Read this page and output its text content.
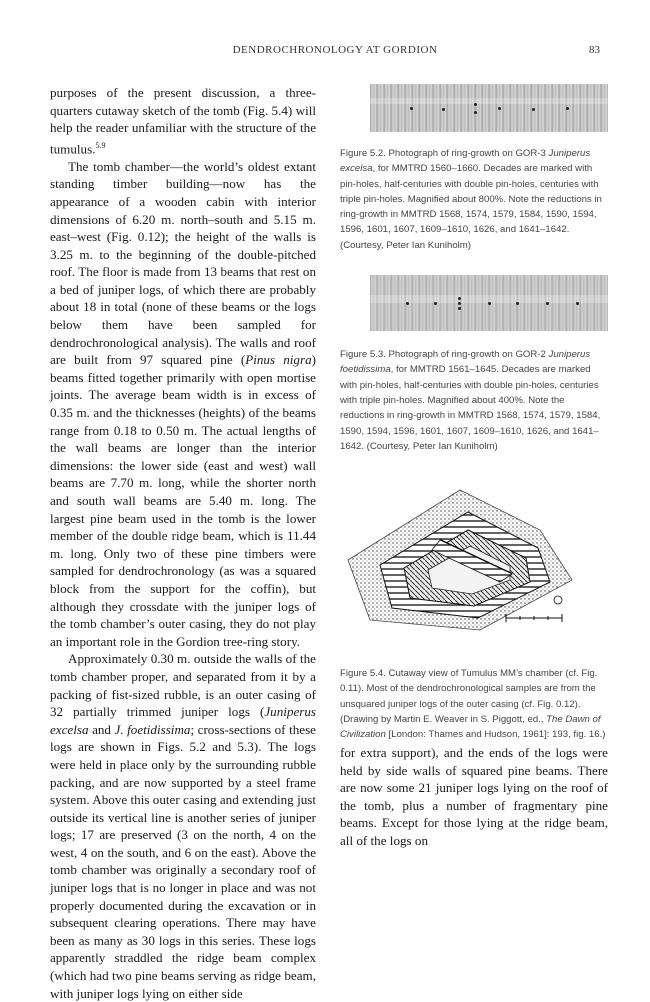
DENDROCHRONOLOGY AT GORDION	83

purposes of the present discussion, a three-quarters cutaway sketch of the tomb (Fig. 5.4) will help the reader unfamiliar with the structure of the tumulus.$^{5.9}$

The tomb chamber—the world’s oldest extant standing timber building—now has the appearance of a wooden cabin with interior dimensions of 6.20 m. north–south and 5.15 m. east–west (Fig. 0.12); the height of the walls is 3.25 m. to the beginning of the double-pitched roof. The floor is made from 13 beams that rest on a bed of juniper logs, of which there are probably about 18 in total (none of these beams or the logs below them have been sampled for dendrochronological analysis). The walls and roof are built from 97 squared pine (Pinus nigra) beams fitted together primarily with open mortise joints. The average beam width is in excess of 0.35 m. and the thicknesses (heights) of the beams range from 0.18 to 0.50 m. The actual lengths of the wall beams are longer than the interior dimensions: the lower side (east and west) wall beams are 7.70 m. long, while the shorter north and south wall beams are 5.40 m. long. The largest pine beam used in the tomb is the lower member of the double ridge beam, which is 11.44 m. long. Only two of these pine timbers were sampled for dendrochronology (as was a squared block from the support for the coffin), but although they crossdate with the juniper logs of the tomb chamber’s outer casing, they do not play an important role in the Gordion tree-ring story.

Approximately 0.30 m. outside the walls of the tomb chamber proper, and separated from it by a packing of fist-sized rubble, is an outer casing of 32 partially trimmed juniper logs (Juniperus excelsa and J. foetidissima; cross-sections of these logs are shown in Figs. 5.2 and 5.3). The logs were held in place only by the surrounding rubble packing, and are now supported by a steel frame system. Above this outer casing and extending just outside its vertical line is another series of juniper logs; 17 are preserved (3 on the north, 4 on the west, 4 on the south, and 6 on the east). Above the tomb chamber was originally a secondary roof of juniper logs that is no longer in place and was not properly documented during the excavation or in subsequent clearing operations. There may have been as many as 30 logs in this series. These logs apparently straddled the ridge beam complex (which had two pine beams serving as ridge beam, with juniper logs lying on either side

Figure 5.2. Photograph of ring-growth on GOR-3 Juniperus excelsa, for MMTRD 1560–1660. Decades are marked with pin-holes, half-centuries with double pin-holes, centuries with triple pin-holes. Magnified about 800%. Note the reductions in ring-growth in MMTRD 1568, 1574, 1579, 1584, 1590, 1594, 1596, 1601, 1607, 1609–1610, 1626, and 1641–1642. (Courtesy, Peter Ian Kuniholm)

Figure 5.3. Photograph of ring-growth on GOR-2 Juniperus foetidissima, for MMTRD 1561–1645. Decades are marked with pin-holes, half-centuries with double pin-holes, centuries with triple pin-holes. Magnified about 400%. Note the reductions in ring-growth in MMTRD 1568, 1574, 1579, 1584, 1590, 1594, 1596, 1601, 1607, 1609–1610, 1626, and 1641–1642. (Courtesy, Peter Ian Kuniholm)

Figure 5.4. Cutaway view of Tumulus MM’s chamber (cf. Fig. 0.11). Most of the dendrochronological samples are from the unsquared juniper logs of the outer casing (cf. Fig. 0.12). (Drawing by Martin E. Weaver in S. Piggott, ed., The Dawn of Civilization [London: Thames and Hudson, 1961]: 193, fig. 16.)

for extra support), and the ends of the logs were held by side walls of squared pine beams. There are now some 21 juniper logs lying on the roof of the tomb, plus a number of fragmentary pine beams. Except for those lying at the ridge beam, all of the logs on
